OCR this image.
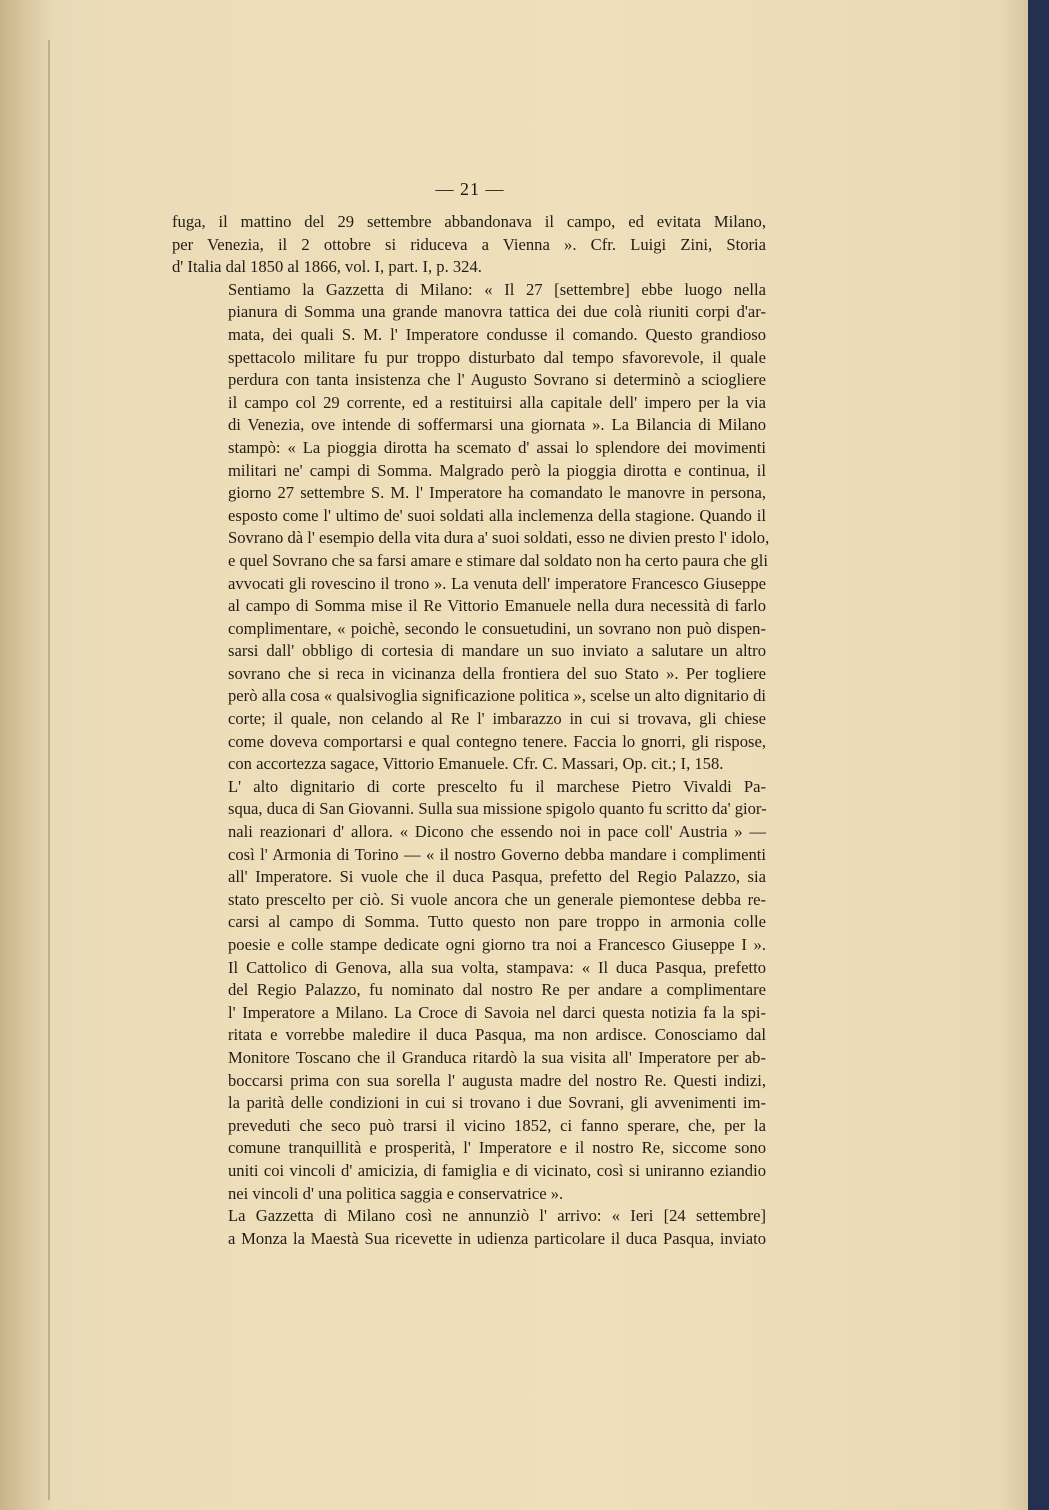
— 21 —

fuga, il mattino del 29 settembre abbandonava il campo, ed evitata Milano,
per Venezia, il 2 ottobre si riduceva a Vienna ». Cfr. Luigi Zini, Storia
d' Italia dal 1850 al 1866, vol. I, part. I, p. 324.

Sentiamo la Gazzetta di Milano: « Il 27 [settembre] ebbe luogo nella
pianura di Somma una grande manovra tattica dei due colà riuniti corpi d'ar-
mata, dei quali S. M. l' Imperatore condusse il comando. Questo grandioso
spettacolo militare fu pur troppo disturbato dal tempo sfavorevole, il quale
perdura con tanta insistenza che l' Augusto Sovrano si determinò a sciogliere
il campo col 29 corrente, ed a restituirsi alla capitale dell' impero per la via
di Venezia, ove intende di soffermarsi una giornata ». La Bilancia di Milano
stampò: « La pioggia dirotta ha scemato d' assai lo splendore dei movimenti
militari ne' campi di Somma. Malgrado però la pioggia dirotta e continua, il
giorno 27 settembre S. M. l' Imperatore ha comandato le manovre in persona,
esposto come l' ultimo de' suoi soldati alla inclemenza della stagione. Quando il
Sovrano dà l' esempio della vita dura a' suoi soldati, esso ne divien presto l' idolo,
e quel Sovrano che sa farsi amare e stimare dal soldato non ha certo paura che gli
avvocati gli rovescino il trono ». La venuta dell' imperatore Francesco Giuseppe
al campo di Somma mise il Re Vittorio Emanuele nella dura necessità di farlo
complimentare, « poichè, secondo le consuetudini, un sovrano non può dispen-
sarsi dall' obbligo di cortesia di mandare un suo inviato a salutare un altro
sovrano che si reca in vicinanza della frontiera del suo Stato ». Per togliere
però alla cosa « qualsivoglia significazione politica », scelse un alto dignitario di
corte; il quale, non celando al Re l' imbarazzo in cui si trovava, gli chiese
come doveva comportarsi e qual contegno tenere. Faccia lo gnorri, gli rispose,
con accortezza sagace, Vittorio Emanuele. Cfr. C. Massari, Op. cit.; I, 158.

L' alto dignitario di corte prescelto fu il marchese Pietro Vivaldi Pa-
squa, duca di San Giovanni. Sulla sua missione spigolo quanto fu scritto da' gior-
nali reazionari d' allora. « Dicono che essendo noi in pace coll' Austria » —
così l' Armonia di Torino — « il nostro Governo debba mandare i complimenti
all' Imperatore. Si vuole che il duca Pasqua, prefetto del Regio Palazzo, sia
stato prescelto per ciò. Si vuole ancora che un generale piemontese debba re-
carsi al campo di Somma. Tutto questo non pare troppo in armonia colle
poesie e colle stampe dedicate ogni giorno tra noi a Francesco Giuseppe I ».
Il Cattolico di Genova, alla sua volta, stampava: « Il duca Pasqua, prefetto
del Regio Palazzo, fu nominato dal nostro Re per andare a complimentare
l' Imperatore a Milano. La Croce di Savoia nel darci questa notizia fa la spi-
ritata e vorrebbe maledire il duca Pasqua, ma non ardisce. Conosciamo dal
Monitore Toscano che il Granduca ritardò la sua visita all' Imperatore per ab-
boccarsi prima con sua sorella l' augusta madre del nostro Re. Questi indizi,
la parità delle condizioni in cui si trovano i due Sovrani, gli avvenimenti im-
preveduti che seco può trarsi il vicino 1852, ci fanno sperare, che, per la
comune tranquillità e prosperità, l' Imperatore e il nostro Re, siccome sono
uniti coi vincoli d' amicizia, di famiglia e di vicinato, così si uniranno eziandio
nei vincoli d' una politica saggia e conservatrice ».

La Gazzetta di Milano così ne annunziò l' arrivo: « Ieri [24 settembre]
a Monza la Maestà Sua ricevette in udienza particolare il duca Pasqua, inviato
